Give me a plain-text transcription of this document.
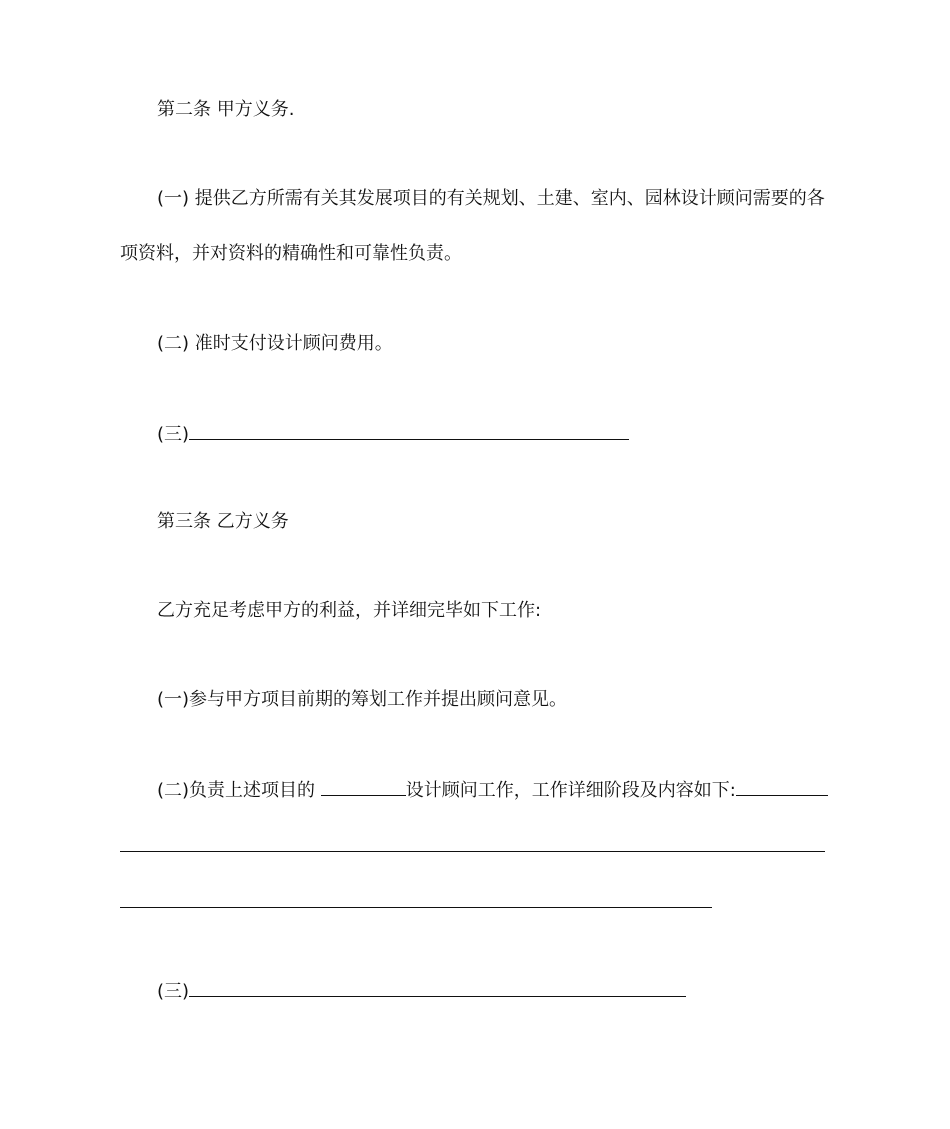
第二条 甲方义务.
(一) 提供乙方所需有关其发展项目的有关规划、土建、室内、园林设计顾问需要的各
项资料，并对资料的精确性和可靠性负责。
(二) 准时支付设计顾问费用。
(三)
第三条 乙方义务
乙方充足考虑甲方的利益，并详细完毕如下工作:
(一)参与甲方项目前期的筹划工作并提出顾问意见。
(二)负责上述项目的	设计顾问工作，工作详细阶段及内容如下:
(三)
